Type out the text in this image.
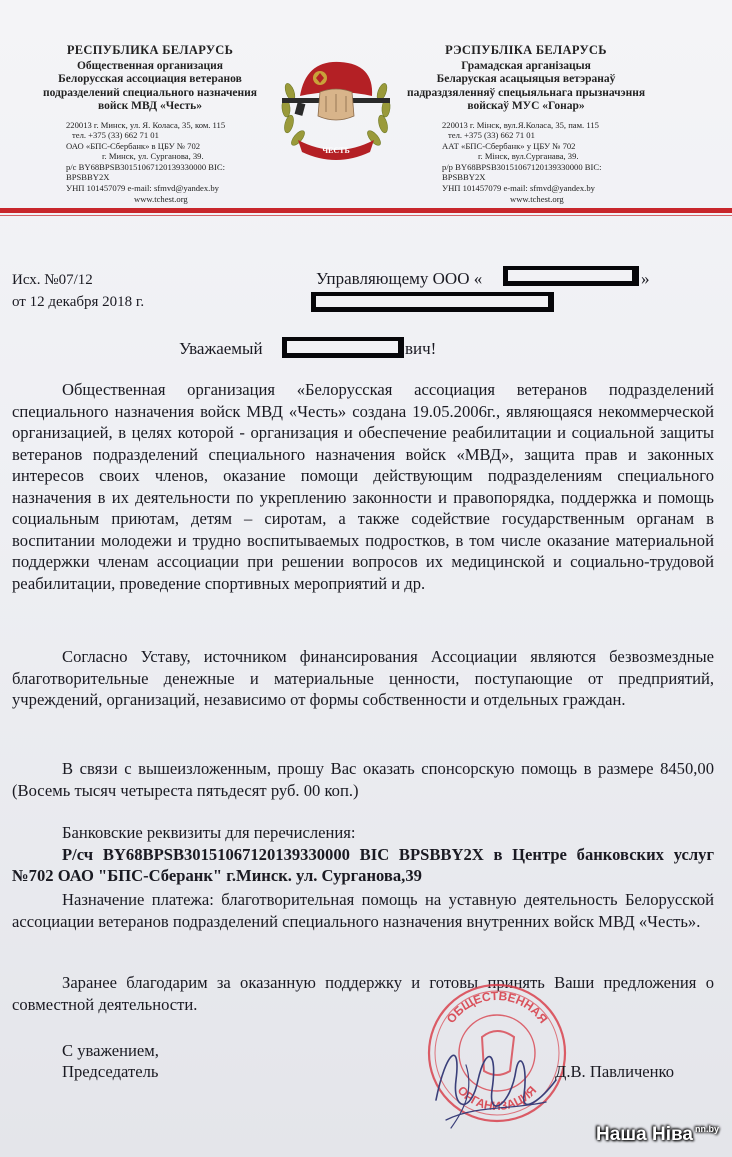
РЕСПУБЛИКА БЕЛАРУСЬ
Общественная организация
Белорусская ассоциация ветеранов
подразделений специального назначения
войск МВД «Честь»
220013 г. Минск, ул. Я. Коласа, 35, ком. 115
тел. +375 (33) 662 71 01
ОАО «БПС-Сбербанк» в ЦБУ № 702
г. Минск, ул. Сурганова, 39.
р/с BY68BPSB30151067120139330000 BIC: BPSBBY2X
УНП 101457079 e-mail: sfmvd@yandex.by
www.tchest.org
ЧЕСТЬ
РЭСПУБЛІКА БЕЛАРУСЬ
Грамадская арганізацыя
Беларуская асацыяцыя ветэранаў
падраздзяленняў спецыяльнага прызначэння
войскаў МУС «Гонар»
220013 г. Мінск, вул.Я.Коласа, 35, пам. 115
тел. +375 (33) 662 71 01
ААТ «БПС-Сбербанк» у ЦБУ № 702
г. Мінск, вул.Сурганава, 39.
р/р BY68BPSB30151067120139330000 BIC: BPSBBY2X
УНП 101457079 e-mail: sfmvd@yandex.by
www.tchest.org
Исх. №07/12
от 12 декабря 2018 г.
Управляющему ООО «	»
Уважаемый	вич!
Общественная организация «Белорусская ассоциация ветеранов подразделений специального назначения войск МВД «Честь» создана 19.05.2006г., являющаяся некоммерческой организацией, в целях которой - организация и обеспечение реабилитации и социальной защиты ветеранов подразделений специального назначения войск «МВД», защита прав и законных интересов своих членов, оказание помощи действующим подразделениям специального назначения в их деятельности по укреплению законности и правопорядка, поддержка и помощь социальным приютам, детям – сиротам, а также содействие государственным органам в воспитании молодежи и трудно воспитываемых подростков, в том числе оказание материальной поддержки членам ассоциации при решении вопросов их медицинской и социально-трудовой реабилитации, проведение спортивных мероприятий и др.
Согласно Уставу, источником финансирования Ассоциации являются безвозмездные благотворительные денежные и материальные ценности, поступающие от предприятий, учреждений, организаций, независимо от формы собственности и отдельных граждан.
В связи с вышеизложенным, прошу Вас оказать спонсорскую помощь в размере 8450,00 (Восемь тысяч четыреста пятьдесят руб. 00 коп.)
Банковские реквизиты для перечисления:
Р/сч BY68BPSB30151067120139330000 BIC BPSBBY2X в Центре банковских услуг №702 ОАО "БПС-Сберанк" г.Минск. ул. Сурганова,39
Назначение платежа: благотворительная помощь на уставную деятельность Белорусской ассоциации ветеранов подразделений специального назначения внутренних войск МВД «Честь».
Заранее благодарим за оказанную поддержку и готовы принять Ваши предложения о совместной деятельности.
ОБЩЕСТВЕННАЯ
ОРГАНИЗАЦИЯ
С уважением,
Председатель	Д.В. Павличенко
Наша Ніва $^{nn.by}$
